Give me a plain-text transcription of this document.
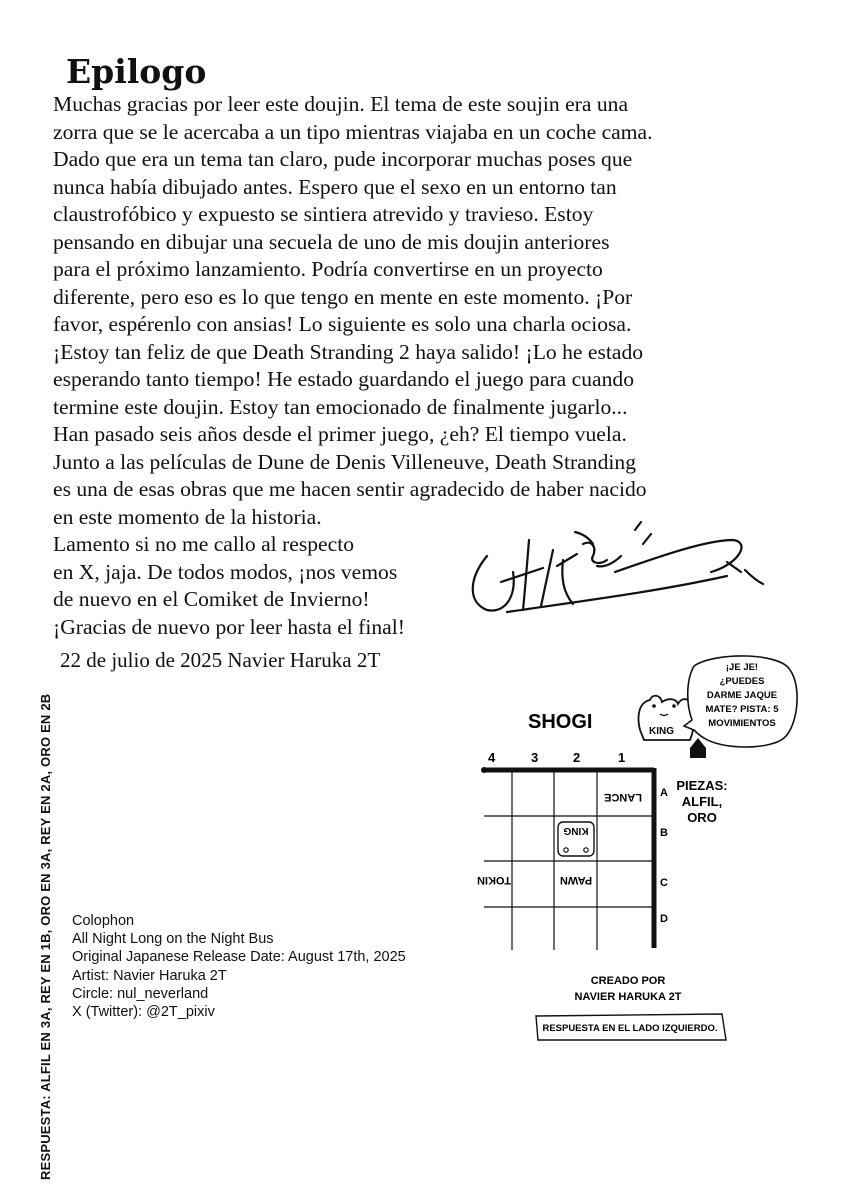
Epilogo
Muchas gracias por leer este doujin. El tema de este soujin era una
zorra que se le acercaba a un tipo mientras viajaba en un coche cama.
Dado que era un tema tan claro, pude incorporar muchas poses que
nunca había dibujado antes. Espero que el sexo en un entorno tan
claustrofóbico y expuesto se sintiera atrevido y travieso. Estoy
pensando en dibujar una secuela de uno de mis doujin anteriores
para el próximo lanzamiento. Podría convertirse en un proyecto
diferente, pero eso es lo que tengo en mente en este momento. ¡Por
favor, espérenlo con ansias! Lo siguiente es solo una charla ociosa.
¡Estoy tan feliz de que Death Stranding 2 haya salido! ¡Lo he estado
esperando tanto tiempo! He estado guardando el juego para cuando
termine este doujin. Estoy tan emocionado de finalmente jugarlo...
Han pasado seis años desde el primer juego, ¿eh? El tiempo vuela.
Junto a las películas de Dune de Denis Villeneuve, Death Stranding
es una de esas obras que me hacen sentir agradecido de haber nacido
en este momento de la historia.
Lamento si no me callo al respecto
en X, jaja. De todos modos, ¡nos vemos
de nuevo en el Comiket de Invierno!
¡Gracias de nuevo por leer hasta el final!
22 de julio de 2025 Navier Haruka 2T
Colophon
All Night Long on the Night Bus
Original Japanese Release Date: August 17th, 2025
Artist: Navier Haruka 2T
Circle: nul_neverland
X (Twitter): @2T_pixiv
RESPUESTA: ALFIL EN 3A, REY EN 1B, ORO EN 3A, REY EN 2A, ORO EN 2B	SHOGI	KING
¡JE JE!
¿PUEDES
DARME JAQUE
MATE? PISTA: 5
MOVIMIENTOS
4	3	2	1
A
B
C
D
LANCE
KING
PAWN
TOKIN
PIEZAS:
ALFIL,
ORO
CREADO POR
NAVIER HARUKA 2T
RESPUESTA EN EL LADO IZQUIERDO.
